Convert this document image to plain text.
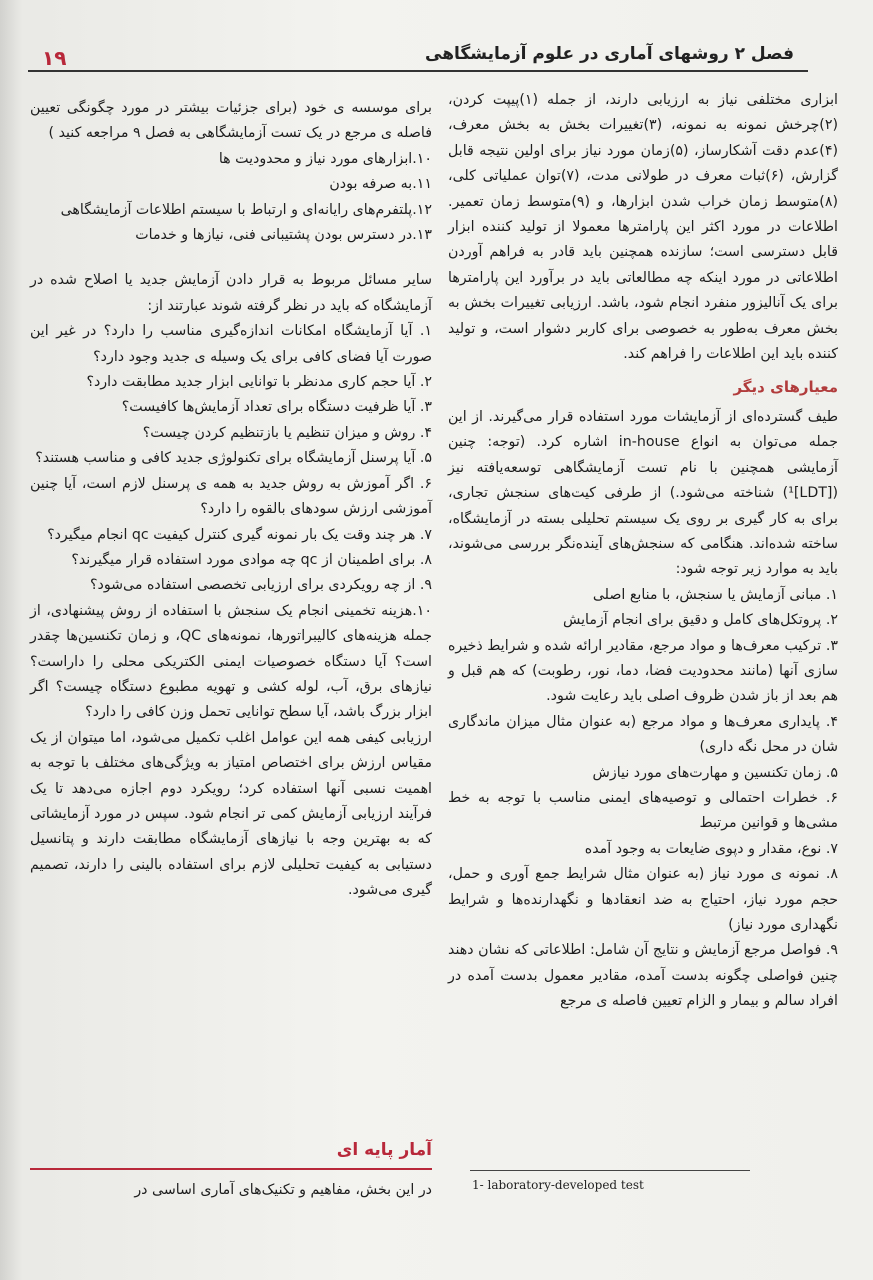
فصل ۲ روشهای آماری در علوم آزمایشگاهی
۱۹

ابزاری مختلفی نیاز به ارزیابی دارند، از جمله (۱)پیپت کردن، (۲)چرخش نمونه به نمونه، (۳)تغییرات بخش به بخش معرف، (۴)عدم دقت آشکارساز، (۵)زمان مورد نیاز برای اولین نتیجه قابل گزارش، (۶)ثبات معرف در طولانی مدت، (۷)توان عملیاتی کلی، (۸)متوسط زمان خراب شدن ابزارها، و (۹)متوسط زمان تعمیر. اطلاعات در مورد اکثر این پارامترها معمولا از تولید کننده ابزار قابل دسترسی است؛ سازنده همچنین باید قادر به فراهم آوردن اطلاعاتی در مورد اینکه چه مطالعاتی باید در برآورد این پارامترها برای یک آنالیزور منفرد انجام شود، باشد. ارزیابی تغییرات بخش به بخش معرف به‌طور به خصوصی برای کاربر دشوار است، و تولید کننده باید این اطلاعات را فراهم کند.

معیارهای دیگر

طیف گسترده‌ای از آزمایشات مورد استفاده قرار می‌گیرند. از این جمله می‌توان به انواع in-house اشاره کرد. (توجه: چنین آزمایشی همچنین با نام تست آزمایشگاهی توسعه‌یافته نیز ([LDT]¹) شناخته می‌شود.) از طرفی کیت‌های سنجش تجاری، برای به کار گیری بر روی یک سیستم تحلیلی بسته در آزمایشگاه، ساخته شده‌اند. هنگامی که سنجش‌های آینده‌نگر بررسی می‌شوند، باید به موارد زیر توجه شود:

۱. مبانی آزمایش یا سنجش، با منابع اصلی

۲. پروتکل‌های کامل و دقیق برای انجام آزمایش

۳. ترکیب معرف‌ها و مواد مرجع، مقادیر ارائه شده و شرایط ذخیره سازی آنها (مانند محدودیت فضا، دما، نور، رطوبت) که هم قبل و هم بعد از باز شدن ظروف اصلی باید رعایت شود.

۴. پایداری معرف‌ها و مواد مرجع (به عنوان مثال میزان ماندگاری شان در محل نگه داری)

۵. زمان تکنسین و مهارت‌های مورد نیازش

۶. خطرات احتمالی و توصیه‌های ایمنی مناسب با توجه به خط مشی‌ها و قوانین مرتبط

۷. نوع، مقدار و دپوی ضایعات به وجود آمده

۸. نمونه ی مورد نیاز (به عنوان مثال شرایط جمع آوری و حمل، حجم مورد نیاز، احتیاج به ضد انعقادها و نگهدارنده‌ها و شرایط نگهداری مورد نیاز)

۹. فواصل مرجع آزمایش و نتایج آن شامل: اطلاعاتی که نشان دهند چنین فواصلی چگونه بدست آمده، مقادیر معمول بدست آمده در افراد سالم و بیمار و الزام تعیین فاصله ی مرجع

1- laboratory-developed test

برای موسسه ی خود (برای جزئیات بیشتر در مورد چگونگی تعیین فاصله ی مرجع در یک تست آزمایشگاهی به فصل ۹ مراجعه کنید )

۱۰.ابزارهای مورد نیاز و محدودیت ها

۱۱.به صرفه بودن

۱۲.پلتفرم‌های رایانه‌ای و ارتباط با سیستم اطلاعات آزمایشگاهی

۱۳.در دسترس بودن پشتیبانی فنی، نیازها و خدمات

سایر مسائل مربوط به قرار دادن آزمایش جدید یا اصلاح شده در آزمایشگاه که باید در نظر گرفته شوند عبارتند از:

۱. آیا آزمایشگاه امکانات اندازه‌گیری مناسب را دارد؟ در غیر این صورت آیا فضای کافی برای یک وسیله ی جدید وجود دارد؟

۲. آیا حجم کاری مدنظر با توانایی ابزار جدید مطابقت دارد؟

۳. آیا ظرفیت دستگاه برای تعداد آزمایش‌ها کافیست؟

۴. روش و میزان تنظیم یا بازتنظیم کردن چیست؟

۵. آیا پرسنل آزمایشگاه برای تکنولوژی جدید کافی و مناسب هستند؟

۶. اگر آموزش به روش جدید به همه ی پرسنل لازم است، آیا چنین آموزشی ارزش سودهای بالقوه را دارد؟

۷. هر چند وقت یک بار نمونه گیری کنترل کیفیت qc انجام میگیرد؟

۸. برای اطمینان از qc چه موادی مورد استفاده قرار میگیرند؟

۹. از چه رویکردی برای ارزیابی تخصصی استفاده می‌شود؟

۱۰.هزینه تخمینی انجام یک سنجش با استفاده از روش پیشنهادی، از جمله هزینه‌های کالیبراتورها، نمونه‌های QC، و زمان تکنسین‌ها چقدر است؟ آیا دستگاه خصوصیات ایمنی الکتریکی محلی را داراست؟ نیازهای برق، آب، لوله کشی و تهویه مطبوع دستگاه چیست؟ اگر ابزار بزرگ باشد، آیا سطح توانایی تحمل وزن کافی را دارد؟

ارزیابی کیفی همه این عوامل اغلب تکمیل می‌شود، اما میتوان از یک مقیاس ارزش برای اختصاص امتیاز به ویژگی‌های مختلف با توجه به اهمیت نسبی آنها استفاده کرد؛ رویکرد دوم اجازه می‌دهد تا یک فرآیند ارزیابی آزمایش کمی تر انجام شود. سپس در مورد آزمایشاتی که به بهترین وجه با نیازهای آزمایشگاه مطابقت دارند و پتانسیل دستیابی به کیفیت تحلیلی لازم برای استفاده بالینی را دارند، تصمیم گیری می‌شود.

آمار پایه ای
در این بخش، مفاهیم و تکنیک‌های آماری اساسی در
